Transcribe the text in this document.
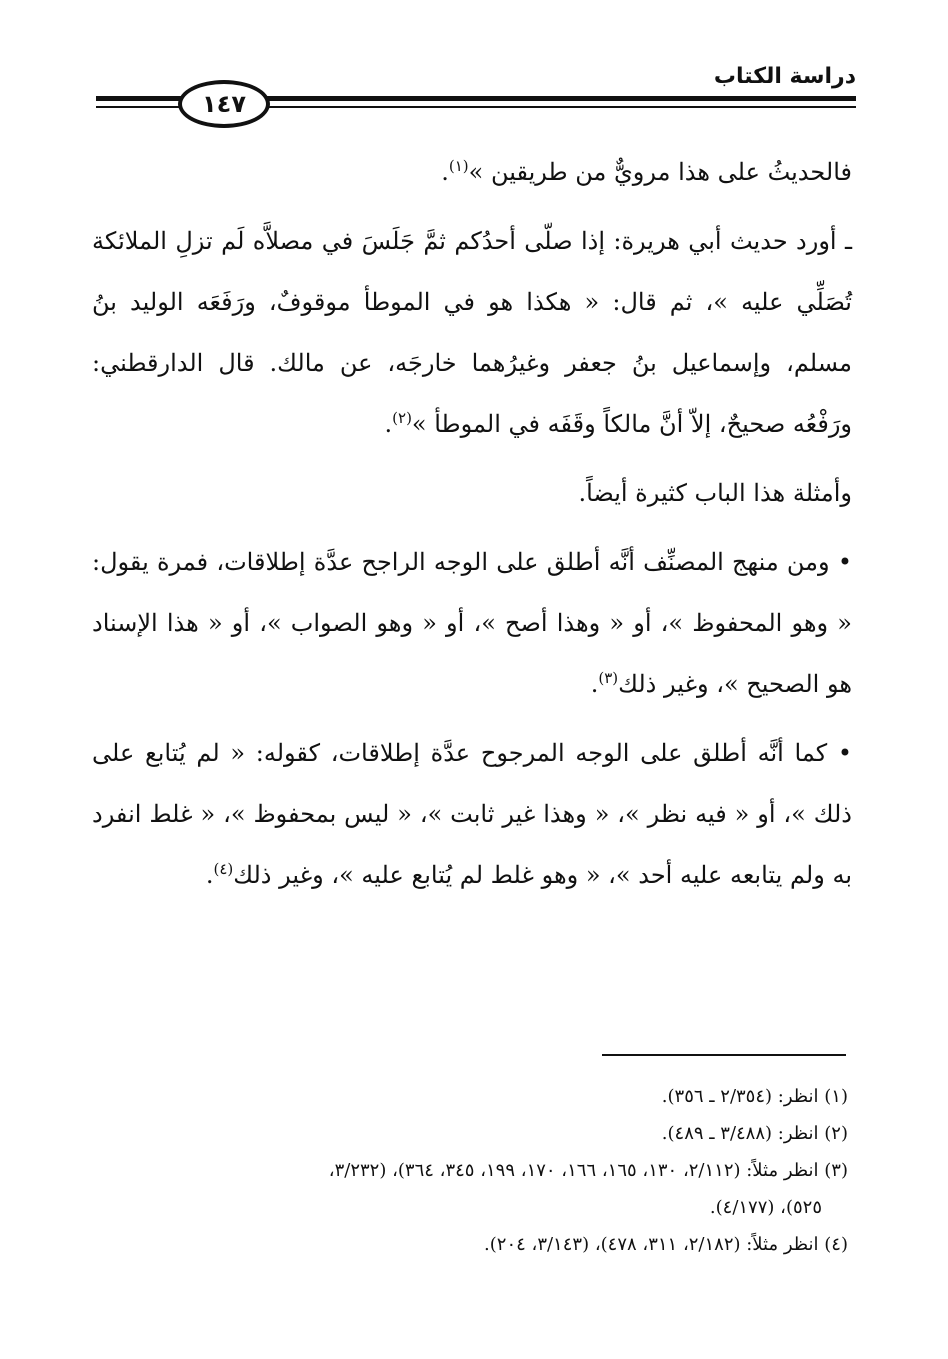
دراسة الكتاب
١٤٧

فالحديثُ على هذا مرويٌّ من طريقين »$^{(١)}$.

ـ أورد حديث أبي هريرة: إذا صلّى أحدُكم ثمَّ جَلَسَ في مصلاَّه لَم تزلِ الملائكة تُصَلِّي عليه »، ثم قال: « هكذا هو في الموطأ موقوفٌ، ورَفَعَه الوليد بنُ مسلم، وإسماعيل بنُ جعفر وغيرُهما خارجَه، عن مالك. قال الدارقطني: ورَفْعُه صحيحٌ، إلاّ أنَّ مالكاً وقَفَه في الموطأ »$^{(٢)}$.

وأمثلة هذا الباب كثيرة أيضاً.

• ومن منهج المصنِّف أنَّه أطلق على الوجه الراجح عدَّة إطلاقات، فمرة يقول: « وهو المحفوظ »، أو « وهذا أصح »، أو « وهو الصواب »، أو « هذا الإسناد هو الصحيح »، وغير ذلك$^{(٣)}$.

• كما أنَّه أطلق على الوجه المرجوح عدَّة إطلاقات، كقوله: « لم يُتابع على ذلك »، أو « فيه نظر »، « وهذا غير ثابت »، « ليس بمحفوظ »، « غلط انفرد به ولم يتابعه عليه أحد »، « وهو غلط لم يُتابع عليه »، وغير ذلك$^{(٤)}$.

(١) انظر: (٢/٣٥٤ ـ ٣٥٦).

(٢) انظر: (٣/٤٨٨ ـ ٤٨٩).

(٣) انظر مثلاً: (٢/١١٢، ١٣٠، ١٦٥، ١٦٦، ١٧٠، ١٩٩، ٣٤٥، ٣٦٤)، (٣/٢٣٢،

٥٢٥)، (٤/١٧٧).

(٤) انظر مثلاً: (٢/١٨٢، ٣١١، ٤٧٨)، (٣/١٤٣، ٢٠٤).
